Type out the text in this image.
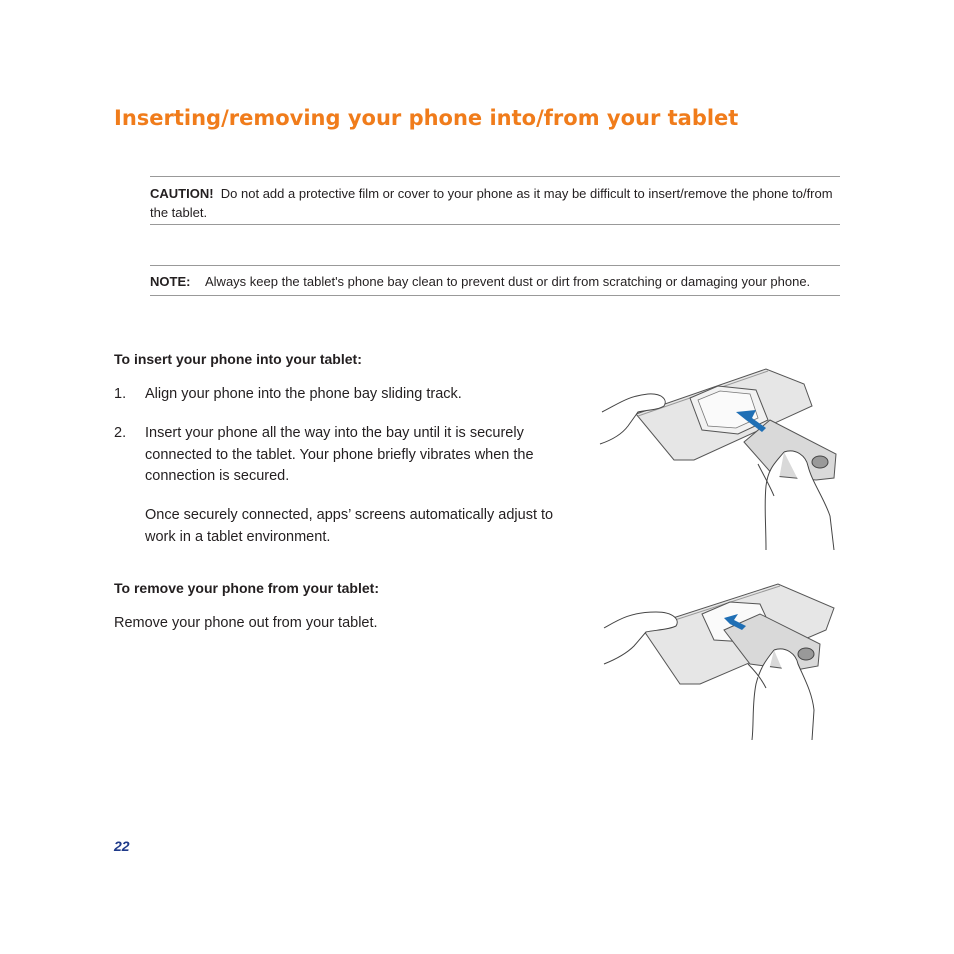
Inserting/removing your phone into/from your tablet
CAUTION! Do not add a protective film or cover to your phone as it may be difficult to insert/remove the phone to/from the tablet.
NOTE: Always keep the tablet's phone bay clean to prevent dust or dirt from scratching or damaging your phone.
To insert your phone into your tablet:
1. Align your phone into the phone bay sliding track.

2. Insert your phone all the way into the bay until it is securely connected to the tablet. Your phone briefly vibrates when the connection is secured.

Once securely connected, apps’ screens automatically adjust to work in a tablet environment.

To remove your phone from your tablet:

Remove your phone out from your tablet.

22
